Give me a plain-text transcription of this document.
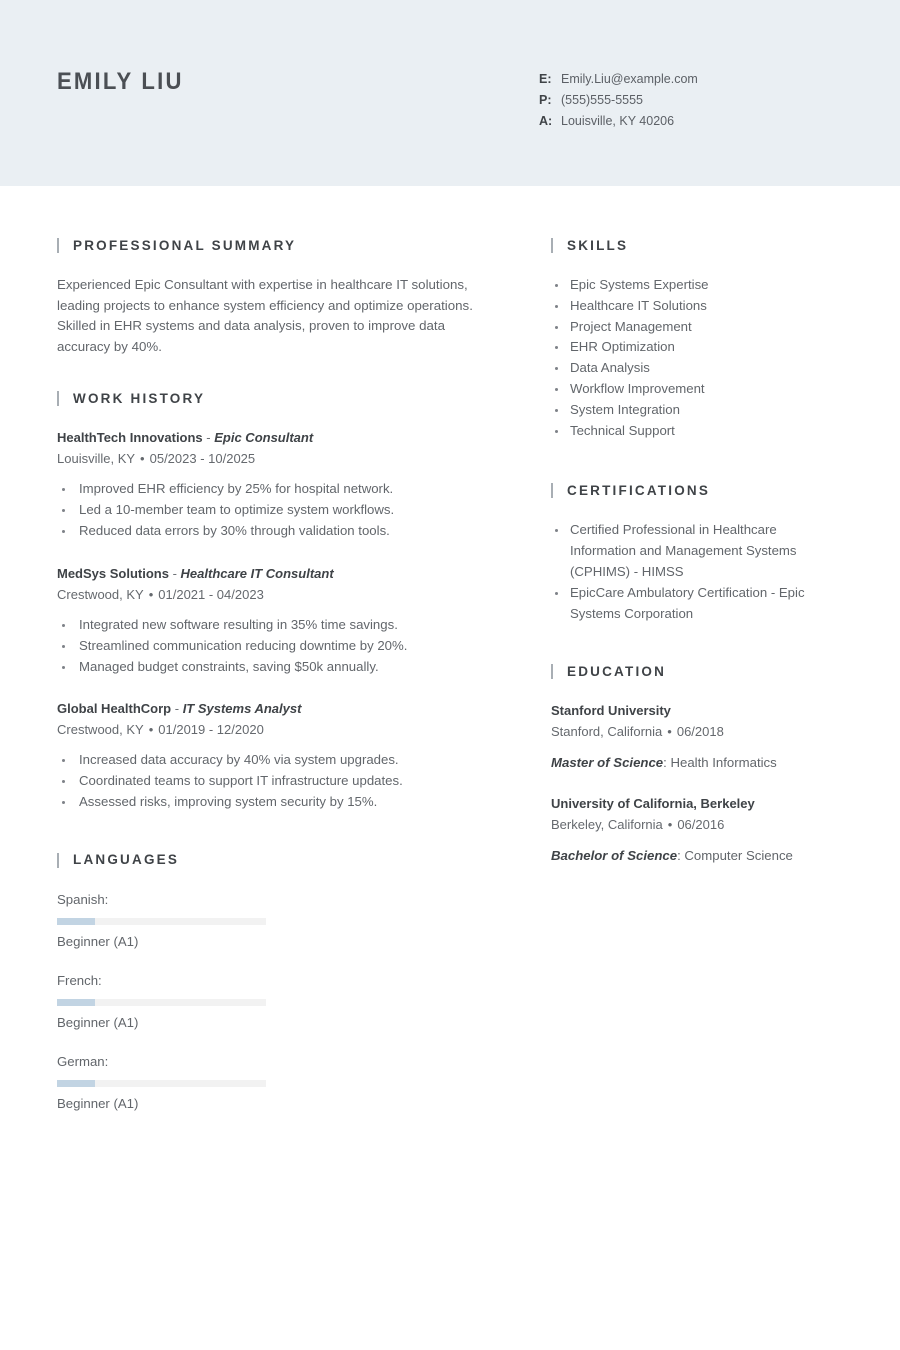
EMILY LIU	E: Emily.Liu@example.com
P: (555)555-5555
A: Louisville, KY 40206
PROFESSIONAL SUMMARY
Experienced Epic Consultant with expertise in healthcare IT solutions, leading projects to enhance system efficiency and optimize operations. Skilled in EHR systems and data analysis, proven to improve data accuracy by 40%.
WORK HISTORY
HealthTech Innovations - Epic Consultant
Louisville, KY • 05/2023 - 10/2025
Improved EHR efficiency by 25% for hospital network.
Led a 10-member team to optimize system workflows.
Reduced data errors by 30% through validation tools.
MedSys Solutions - Healthcare IT Consultant
Crestwood, KY • 01/2021 - 04/2023
Integrated new software resulting in 35% time savings.
Streamlined communication reducing downtime by 20%.
Managed budget constraints, saving $50k annually.
Global HealthCorp - IT Systems Analyst
Crestwood, KY • 01/2019 - 12/2020
Increased data accuracy by 40% via system upgrades.
Coordinated teams to support IT infrastructure updates.
Assessed risks, improving system security by 15%.
LANGUAGES
Spanish:
Beginner (A1)
French:
Beginner (A1)
German:
Beginner (A1)
SKILLS
Epic Systems Expertise
Healthcare IT Solutions
Project Management
EHR Optimization
Data Analysis
Workflow Improvement
System Integration
Technical Support
CERTIFICATIONS
Certified Professional in Healthcare Information and Management Systems (CPHIMS) - HIMSS
EpicCare Ambulatory Certification - Epic Systems Corporation
EDUCATION
Stanford University
Stanford, California • 06/2018
Master of Science: Health Informatics
University of California, Berkeley
Berkeley, California • 06/2016
Bachelor of Science: Computer Science
